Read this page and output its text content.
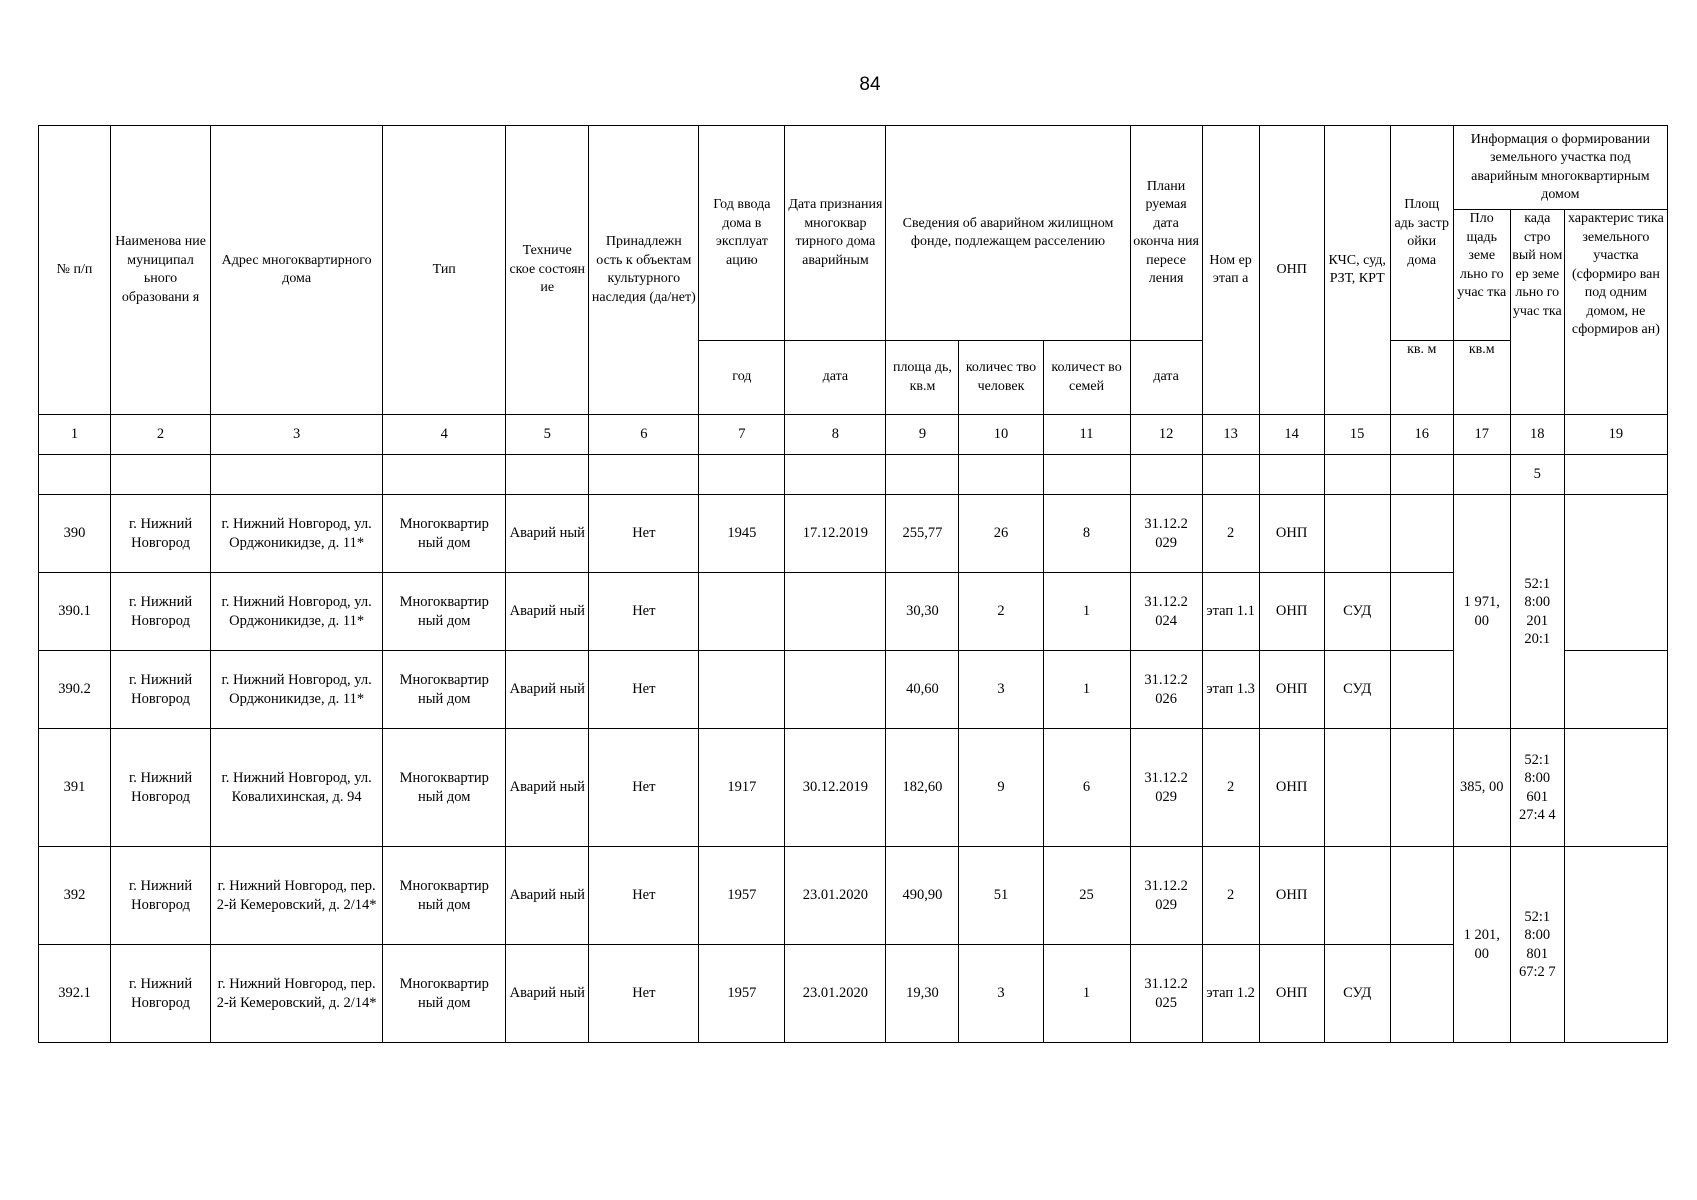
84
№ п/п	Наименова ние муниципал ьного образовани я	Адрес многоквартирного дома	Тип	Техниче ское состоян ие	Принадлежн ость к объектам культурного наследия (да/нет)	Год ввода дома в эксплуат ацию	Дата признания многоквар тирного дома аварийным	Сведения об аварийном жилищном фонде, подлежащем расселению			Плани руемая дата оконча ния пересе ления	Ном ер этап а	ОНП	КЧС, суд, РЗТ, КРТ	Площ адь застр ойки дома	Информация о формировании земельного участка под аварийным многоквартирным домом		
																Пло щадь земе льно го учас тка	када стро вый ном ер земе льно го учас тка	характерис тика земельного участка (сформиро ван под одним домом, не сформиров ан)
						год	дата	площа дь, кв.м	количес тво человек	количест во семей	дата				кв. м	кв.м		
1	2	3	4	5	6	7	8	9	10	11	12	13	14	15	16	17	18	19
																	5	
390	г. Нижний Новгород	г. Нижний Новгород, ул. Орджоникидзе, д. 11*	Многоквартир ный дом	Аварий ный	Нет	1945	17.12.2019	255,77	26	8	31.12.2 029	2	ОНП			1 971, 00	52:1 8:00 201 20:1	
390.1	г. Нижний Новгород	г. Нижний Новгород, ул. Орджоникидзе, д. 11*	Многоквартир ный дом	Аварий ный	Нет			30,30	2	1	31.12.2 024	этап 1.1	ОНП	СУД				
390.2	г. Нижний Новгород	г. Нижний Новгород, ул. Орджоникидзе, д. 11*	Многоквартир ный дом	Аварий ный	Нет			40,60	3	1	31.12.2 026	этап 1.3	ОНП	СУД				
391	г. Нижний Новгород	г. Нижний Новгород, ул. Ковалихинская, д. 94	Многоквартир ный дом	Аварий ный	Нет	1917	30.12.2019	182,60	9	6	31.12.2 029	2	ОНП			385, 00	52:1 8:00 601 27:4 4	
392	г. Нижний Новгород	г. Нижний Новгород, пер. 2-й Кемеровский, д. 2/14*	Многоквартир ный дом	Аварий ный	Нет	1957	23.01.2020	490,90	51	25	31.12.2 029	2	ОНП			1 201, 00	52:1 8:00 801 67:2 7	
392.1	г. Нижний Новгород	г. Нижний Новгород, пер. 2-й Кемеровский, д. 2/14*	Многоквартир ный дом	Аварий ный	Нет	1957	23.01.2020	19,30	3	1	31.12.2 025	этап 1.2	ОНП	СУД				
